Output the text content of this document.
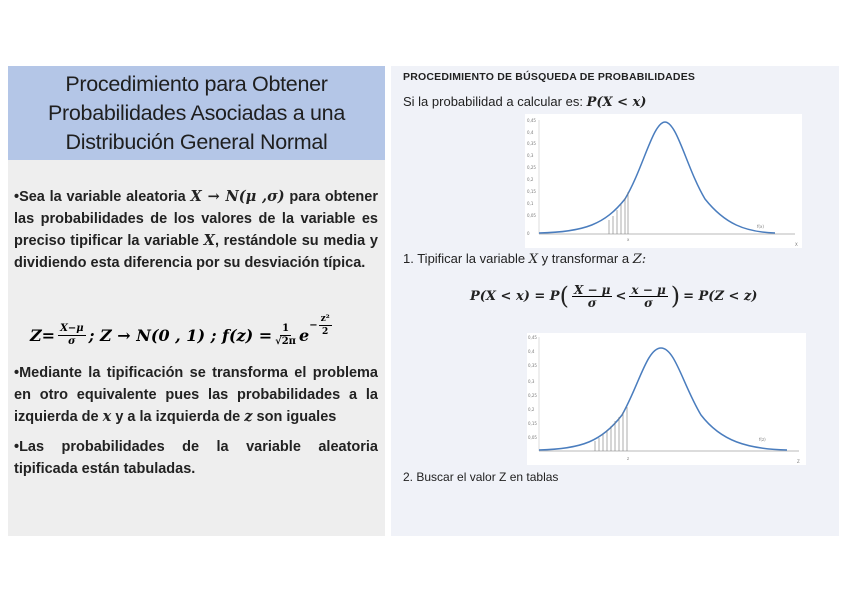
Procedimiento para Obtener
Probabilidades Asociadas a una
Distribución General Normal

•Sea la variable aleatoria X → N(μ ,σ) para obtener las probabilidades de los valores de la variable es preciso tipificar la variable X, restándole su media y dividiendo esta diferencia por su desviación típica.

$Z= \frac{X-\mu}{\sigma}$ ; Z → N(0 , 1) ; $f(z) = \frac{1}{√2\pi}$ e
− $\frac{\text{z²}}{2}$

•Mediante la tipificación se transforma el problema en otro equivalente pues las probabilidades a la izquierda de x y a la izquierda de z son iguales

•Las probabilidades de la variable aleatoria tipificada están tabuladas.

PROCEDIMIENTO DE BÚSQUEDA DE PROBABILIDADES
Si la probabilidad a calcular es: P(X < x)
0,45
0,4
0,35
0,3
0,25
0,2
0,15
0,1
0,05
0
f(x)
x
X
1. Tipificar la variable X y transformar a Z:
P(X < x) = P ( $\frac{X - \mu}{\sigma} < \frac{x - \mu}{\sigma}$ ) = P(Z < z)
0,45
0,4
0,35
0,3
0,25
0,2
0,15
0,05	f(z)
z
Z
2. Buscar el valor Z en tablas
